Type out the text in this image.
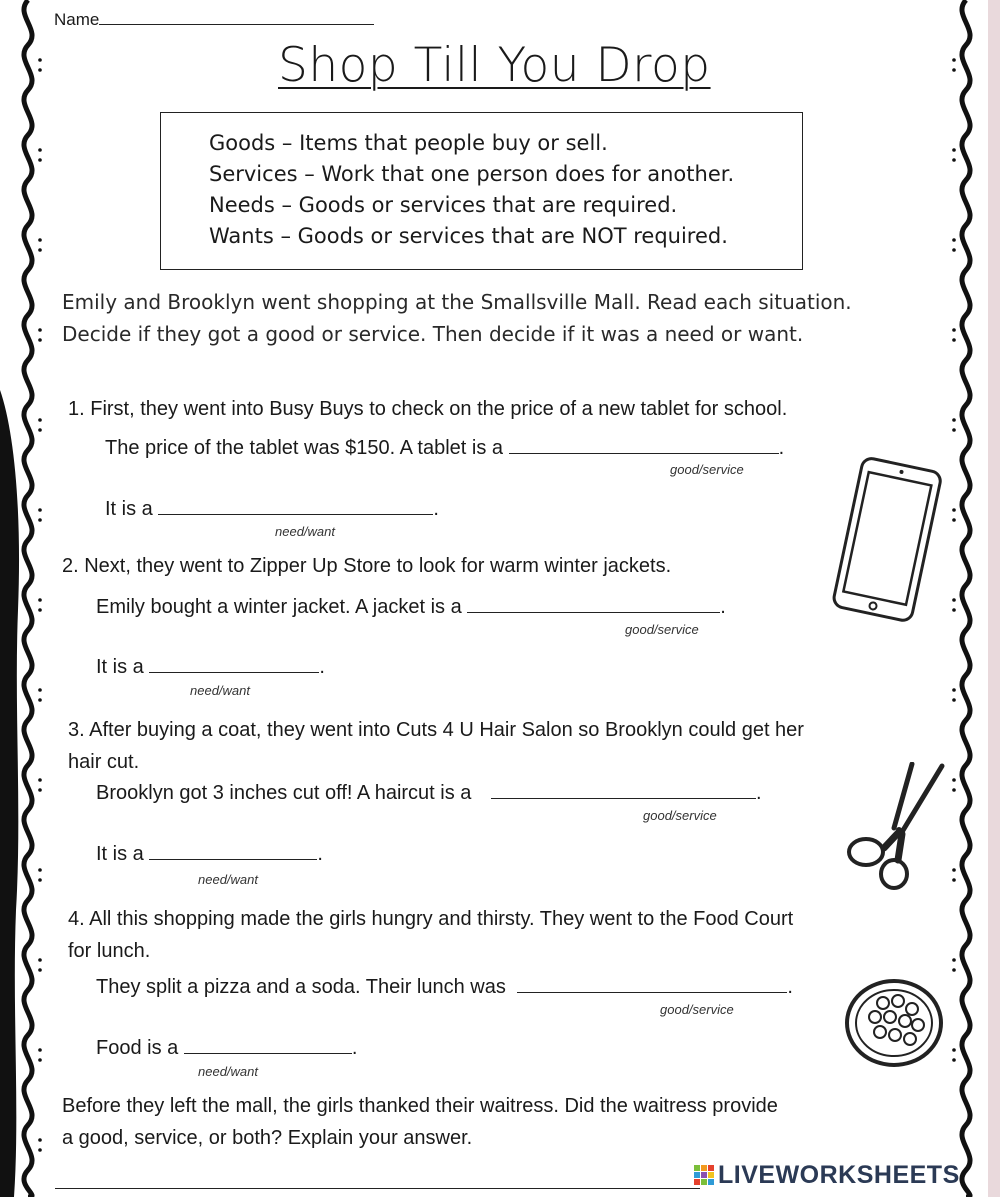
Name
Shop Till You Drop
Goods – Items that people buy or sell.
Services – Work that one person does for another.
Needs – Goods or services that are required.
Wants – Goods or services that are NOT required.
Emily and Brooklyn went shopping at the Smallsville Mall. Read each situation.
Decide if they got a good or service. Then decide if it was a need or want.
1. First, they went into Busy Buys to check on the price of a new tablet for school.
The price of the tablet was $150. A tablet is a	.
good/service
It is a	.
need/want
2. Next, they went to Zipper Up Store to look for warm winter jackets.
Emily bought a winter jacket. A jacket is a	.
good/service
It is a	.
need/want
3. After buying a coat, they went into Cuts 4 U Hair Salon so Brooklyn could get her
hair cut.
Brooklyn got 3 inches cut off! A haircut is a	.
good/service
It is a	.
need/want
4. All this shopping made the girls hungry and thirsty. They went to the Food Court
for lunch.
They split a pizza and a soda. Their lunch was	.
good/service
Food is a	.
need/want
Before they left the mall, the girls thanked their waitress. Did the waitress provide
a good, service, or both? Explain your answer.
LIVEWORKSHEETS
